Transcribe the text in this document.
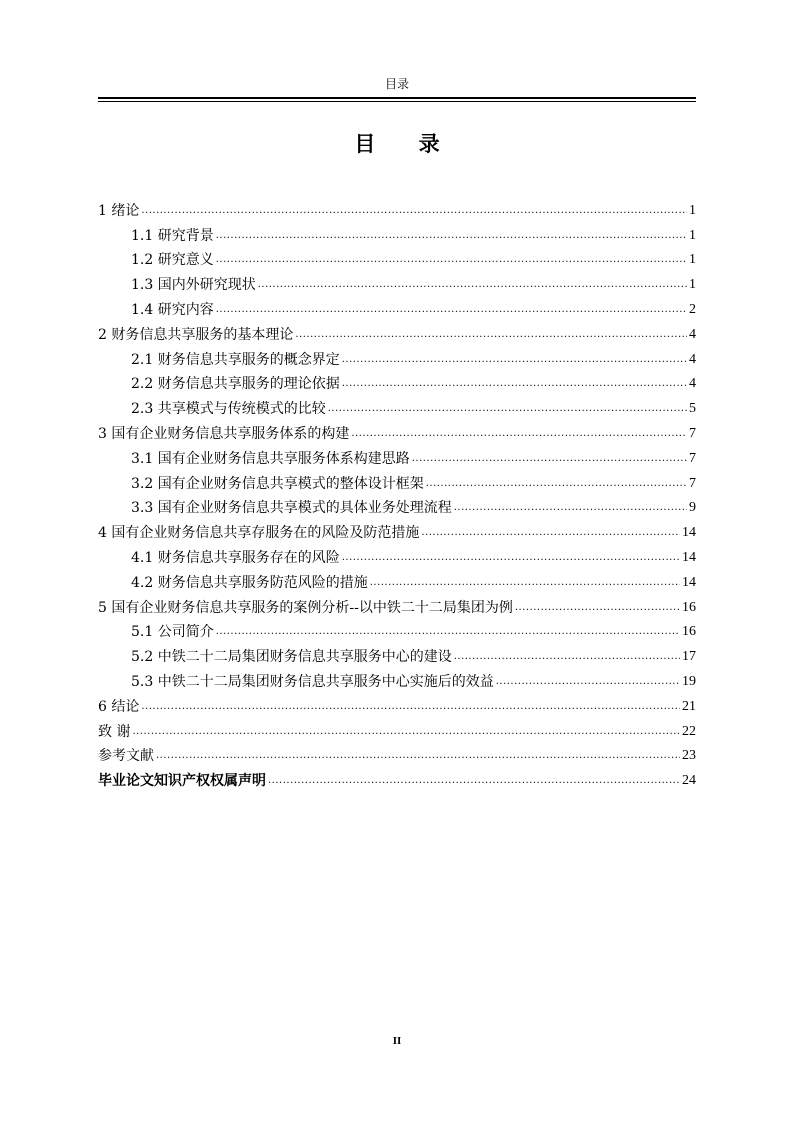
目录
目 录
1 绪论 .....	1
1.1 研究背景 .....	1
1.2 研究意义 .....	1
1.3 国内外研究现状 .....	1
1.4 研究内容 .....	2
2 财务信息共享服务的基本理论 .....	4
2.1 财务信息共享服务的概念界定 .....	4
2.2 财务信息共享服务的理论依据 .....	4
2.3 共享模式与传统模式的比较 .....	5
3 国有企业财务信息共享服务体系的构建 .....	7
3.1 国有企业财务信息共享服务体系构建思路 .....	7
3.2 国有企业财务信息共享模式的整体设计框架 .....	7
3.3 国有企业财务信息共享模式的具体业务处理流程 .....	9
4 国有企业财务信息共享存服务在的风险及防范措施 .....	14
4.1 财务信息共享服务存在的风险 .....	14
4.2 财务信息共享服务防范风险的措施 .....	14
5 国有企业财务信息共享服务的案例分析--以中铁二十二局集团为例 .....	16
5.1 公司简介 .....	16
5.2 中铁二十二局集团财务信息共享服务中心的建设 .....	17
5.3 中铁二十二局集团财务信息共享服务中心实施后的效益 .....	19
6 结论 .....	21
致 谢 .....	22
参考文献 .....	23
毕业论文知识产权权属声明 .....	24
II
